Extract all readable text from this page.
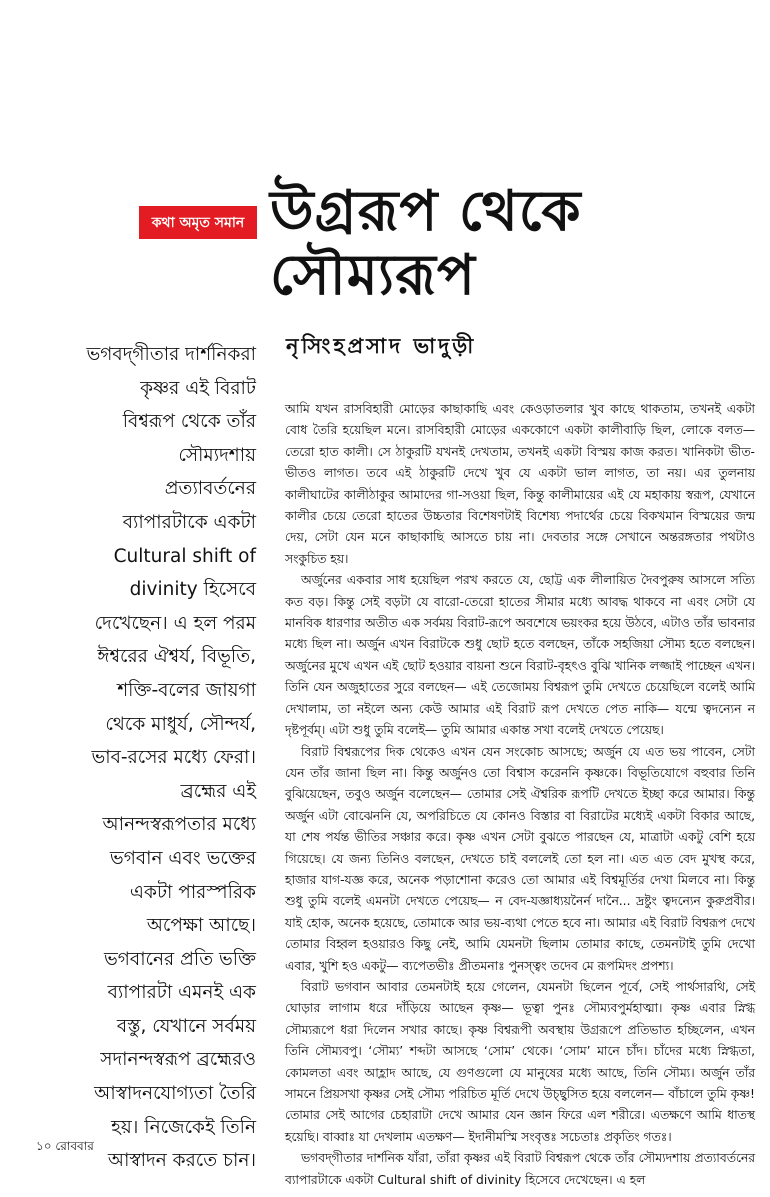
কথা অমৃত সমান উগ্ররূপ থেকে
সৌম্যরূপ
নৃসিংহপ্রসাদ ভাদুড়ী
ভগবদ্‌গীতার দার্শনিকরা
কৃষ্ণর এই বিরাট
বিশ্বরূপ থেকে তাঁর
সৌম্যদশায়
প্রত্যাবর্তনের
ব্যাপারটাকে একটা
Cultural shift of
divinity হিসেবে
দেখেছেন। এ হল পরম
ঈশ্বরের ঐশ্বর্য, বিভূতি,
শক্তি-বলের জায়গা
থেকে মাধুর্য, সৌন্দর্য,
ভাব-রসের মধ্যে ফেরা।
ব্রহ্মের এই
আনন্দস্বরূপতার মধ্যে
ভগবান এবং ভক্তের
একটা পারস্পরিক
অপেক্ষা আছে।
ভগবানের প্রতি ভক্তি
ব্যাপারটা এমনই এক
বস্তু, যেখানে সর্বময়
সদানন্দস্বরূপ ব্রহ্মেরও
আস্বাদনযোগ্যতা তৈরি
হয়। নিজেকেই তিনি
আস্বাদন করতে চান।

আমি যখন রাসবিহারী মোড়ের কাছাকাছি এবং কেওড়াতলার খুব কাছে থাকতাম, তখনই একটা বোধ তৈরি হয়েছিল মনে। রাসবিহারী মোড়ের এককোণে একটা কালীবাড়ি ছিল, লোকে বলত— তেরো হাত কালী। সে ঠাকুরটি যখনই দেখতাম, তখনই একটা বিস্ময় কাজ করত। খানিকটা ভীত-ভীতও লাগত। তবে এই ঠাকুরটি দেখে খুব যে একটা ভাল লাগত, তা নয়। এর তুলনায় কালীঘাটের কালীঠাকুর আমাদের গা-সওয়া ছিল, কিন্তু কালীমায়ের এই যে মহাকায় স্বরূপ, যেখানে কালীর চেয়ে তেরো হাতের উচ্চতার বিশেষণটাই বিশেষ্য পদার্থের চেয়ে বিকখমান বিস্ময়ের জন্ম দেয়, সেটা যেন মনে কাছাকাছি আসতে চায় না। দেবতার সঙ্গে সেখানে অন্তরঙ্গতার পথটাও সংকুচিত হয়।

অর্জুনের একবার সাধ হয়েছিল পরখ করতে যে, ছোট্ট এক লীলায়িত দৈবপুরুষ আসলে সত্যি কত বড়। কিন্তু সেই বড়টা যে বারো-তেরো হাতের সীমার মধ্যে আবদ্ধ থাকবে না এবং সেটা যে মানবিক ধারণার অতীত এক সর্বময় বিরাট-রূপে অবশেষে ভয়ংকর হয়ে উঠবে, এটাও তাঁর ভাবনার মধ্যে ছিল না। অর্জুন এখন বিরাটকে শুধু ছোট হতে বলছেন, তাঁকে সহজিয়া সৌম্য হতে বলছেন। অর্জুনের মুখে এখন এই ছোট হওয়ার বায়না শুনে বিরাট-বৃহৎও বুঝি খানিক লজ্জাই পাচ্ছেন এখন। তিনি যেন অজুহাতের সুরে বলছেন— এই তেজোময় বিশ্বরূপ তুমি দেখতে চেয়েছিলে বলেই আমি দেখালাম, তা নইলে অন্য কেউ আমার এই বিরাট রূপ দেখতে পেত নাকি— যন্মে ত্বদন্যেন ন দৃষ্টপূর্বম্‌। এটা শুধু তুমি বলেই— তুমি আমার একান্ত সখা বলেই দেখতে পেয়েছ।

বিরাট বিশ্বরূপের দিক থেকেও এখন যেন সংকোচ আসছে; অর্জুন যে এত ভয় পাবেন, সেটা যেন তাঁর জানা ছিল না। কিন্তু অর্জুনও তো বিশ্বাস করেননি কৃষ্ণকে। বিভূতিযোগে বহুবার তিনি বুঝিয়েছেন, তবুও অর্জুন বলেছেন— তোমার সেই ঐশ্বরিক রূপটি দেখতে ইচ্ছা করে আমার। কিন্তু অর্জুন এটা বোঝেননি যে, অপরিচিতে যে কোনও বিস্তার বা বিরাটের মধ্যেই একটা বিকার আছে, যা শেষ পর্যন্ত ভীতির সঞ্চার করে। কৃষ্ণ এখন সেটা বুঝতে পারছেন যে, মাত্রাটা একটু বেশি হয়ে গিয়েছে। যে জন্য তিনিও বলছেন, দেখতে চাই বললেই তো হল না। এত এত বেদ মুখস্থ করে, হাজার যাগ-যজ্ঞ করে, অনেক পড়াশোনা করেও তো আমার এই বিশ্বমূর্তির দেখা মিলবে না। কিন্তু শুধু তুমি বলেই এমনটা দেখতে পেয়েছ— ন বেদ-যজ্ঞাধ্যয়নৈর্ন দানৈ... দ্রষ্টুং ত্বদন্যেন কুরুপ্রবীর। যাই হোক, অনেক হয়েছে, তোমাকে আর ভয়-ব্যথা পেতে হবে না। আমার এই বিরাট বিশ্বরূপ দেখে তোমার বিহ্বল হওয়ারও কিছু নেই, আমি যেমনটা ছিলাম তোমার কাছে, তেমনটাই তুমি দেখো এবার, খুশি হও একটু— ব্যপেতভীঃ প্রীতমনাঃ পুনস্ত্বং তদেব মে রূপমিদং প্রপশ্য।

বিরাট ভগবান আবার তেমনটাই হয়ে গেলেন, যেমনটা ছিলেন পূর্বে, সেই পার্থসারথি, সেই ঘোড়ার লাগাম ধরে দাঁড়িয়ে আছেন কৃষ্ণ— ভূত্বা পুনঃ সৌম্যবপুর্মহাত্মা। কৃষ্ণ এবার স্নিগ্ধ সৌম্যরূপে ধরা দিলেন সখার কাছে। কৃষ্ণ বিশ্বরূপী অবস্থায় উগ্ররূপে প্রতিভাত হচ্ছিলেন, এখন তিনি সৌম্যবপু। ‘সৌম্য’ শব্দটা আসছে ‘সোম’ থেকে। ‘সোম’ মানে চাঁদ। চাঁদের মধ্যে স্নিগ্ধতা, কোমলতা এবং আহ্লাদ আছে, যে গুণগুলো যে মানুষের মধ্যে আছে, তিনি সৌম্য। অর্জুন তাঁর সামনে প্রিয়সখা কৃষ্ণর সেই সৌম্য পরিচিত মূর্তি দেখে উচ্ছ্বসিত হয়ে বললেন— বাঁচালে তুমি কৃষ্ণ! তোমার সেই আগের চেহারাটা দেখে আমার যেন জ্ঞান ফিরে এল শরীরে। এতক্ষণে আমি ধাতস্থ হয়েছি। বাব্বাঃ যা দেখলাম এতক্ষণ— ইদানীমস্মি সংবৃত্তঃ সচেতাঃ প্রকৃতিং গতঃ।

ভগবদ্‌গীতার দার্শনিক যাঁরা, তাঁরা কৃষ্ণর এই বিরাট বিশ্বরূপ থেকে তাঁর সৌম্যদশায় প্রত্যাবর্তনের ব্যাপারটাকে একটা Cultural shift of divinity হিসেবে দেখেছেন। এ হল

১০ রোববার
